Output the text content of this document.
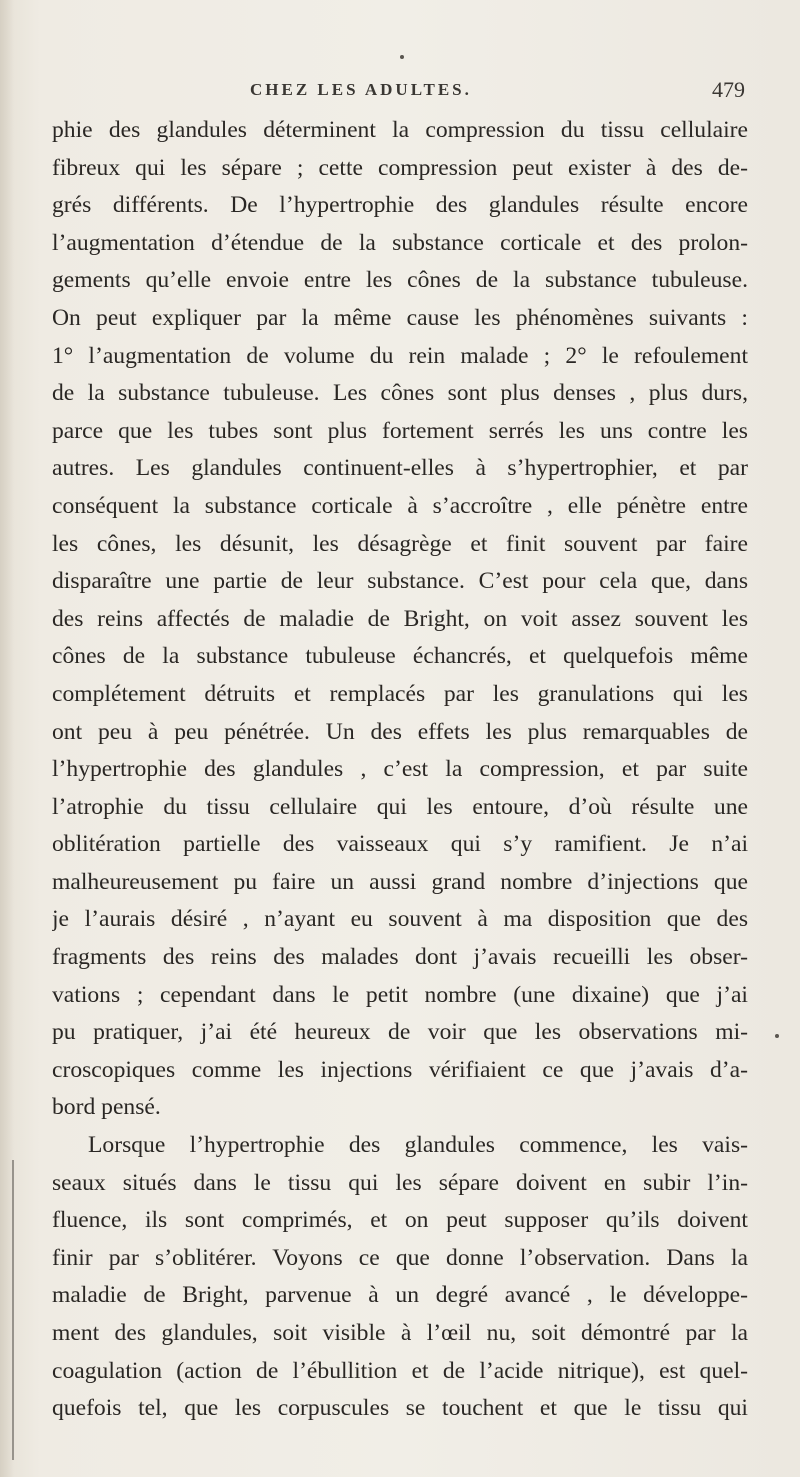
CHEZ LES ADULTES.	479
phie des glandules déterminent la compression du tissu cellulaire
fibreux qui les sépare ; cette compression peut exister à des de-
grés différents. De l’hypertrophie des glandules résulte encore
l’augmentation d’étendue de la substance corticale et des prolon-
gements qu’elle envoie entre les cônes de la substance tubuleuse.
On peut expliquer par la même cause les phénomènes suivants :
1° l’augmentation de volume du rein malade ; 2° le refoulement
de la substance tubuleuse. Les cônes sont plus denses , plus durs,
parce que les tubes sont plus fortement serrés les uns contre les
autres. Les glandules continuent-elles à s’hypertrophier, et par
conséquent la substance corticale à s’accroître , elle pénètre entre
les cônes, les désunit, les désagrège et finit souvent par faire
disparaître une partie de leur substance. C’est pour cela que, dans
des reins affectés de maladie de Bright, on voit assez souvent les
cônes de la substance tubuleuse échancrés, et quelquefois même
complétement détruits et remplacés par les granulations qui les
ont peu à peu pénétrée. Un des effets les plus remarquables de
l’hypertrophie des glandules , c’est la compression, et par suite
l’atrophie du tissu cellulaire qui les entoure, d’où résulte une
oblitération partielle des vaisseaux qui s’y ramifient. Je n’ai
malheureusement pu faire un aussi grand nombre d’injections que
je l’aurais désiré , n’ayant eu souvent à ma disposition que des
fragments des reins des malades dont j’avais recueilli les obser-
vations ; cependant dans le petit nombre (une dixaine) que j’ai
pu pratiquer, j’ai été heureux de voir que les observations mi-
croscopiques comme les injections vérifiaient ce que j’avais d’a-
bord pensé.
Lorsque l’hypertrophie des glandules commence, les vais-
seaux situés dans le tissu qui les sépare doivent en subir l’in-
fluence, ils sont comprimés, et on peut supposer qu’ils doivent
finir par s’oblitérer. Voyons ce que donne l’observation. Dans la
maladie de Bright, parvenue à un degré avancé , le développe-
ment des glandules, soit visible à l’œil nu, soit démontré par la
coagulation (action de l’ébullition et de l’acide nitrique), est quel-
quefois tel, que les corpuscules se touchent et que le tissu qui
